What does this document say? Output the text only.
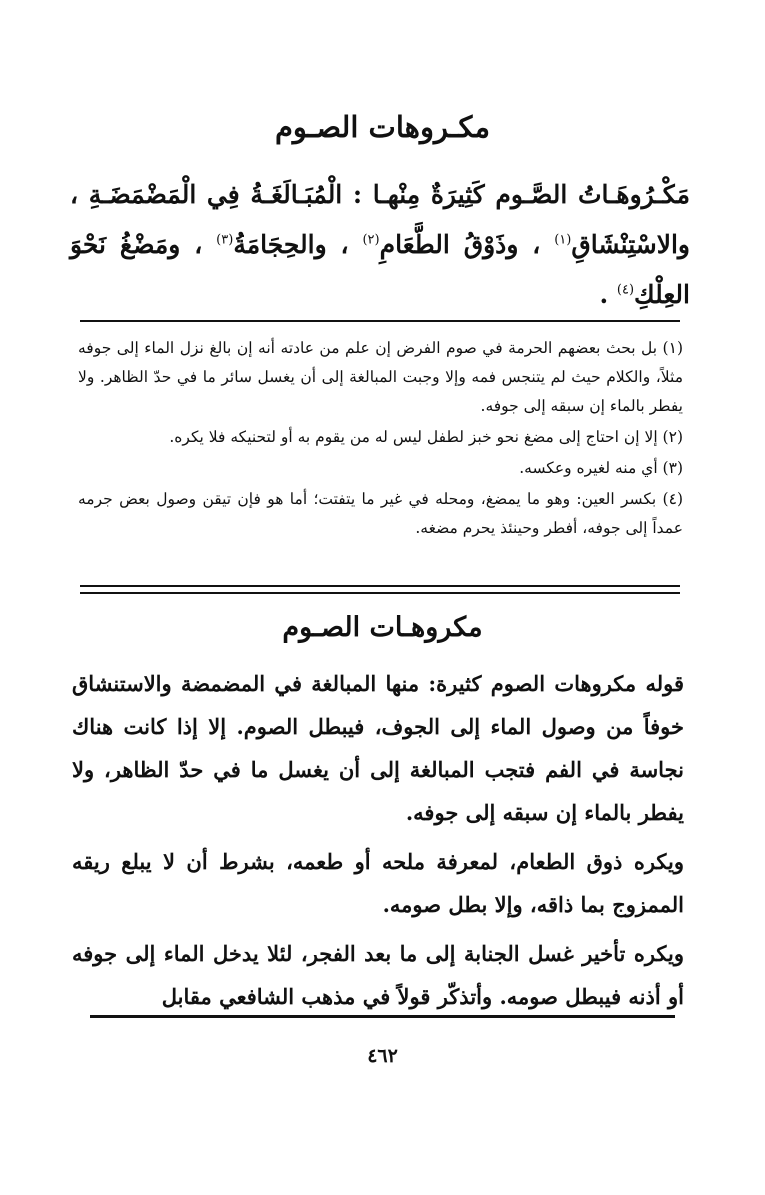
مكـروهات الصـوم
مَكْـرُوهَـاتُ الصَّـوم كَثِيرَةٌ مِنْهـا : الْمُبَـالَغَـةُ فِي الْمَضْمَضَـةِ ، والاسْتِنْشَاقِ$^{(١)}$ ، وذَوْقُ الطَّعَامِ$^{(٢)}$ ، والحِجَامَةُ$^{(٣)}$ ، ومَضْغُ نَحْوَ العِلْكِ$^{(٤)}$ .

(١) بل بحث بعضهم الحرمة في صوم الفرض إن علم من عادته أنه إن بالغ نزل الماء إلى جوفه مثلاً، والكلام حيث لم يتنجس فمه وإلا وجبت المبالغة إلى أن يغسل سائر ما في حدّ الظاهر. ولا يفطر بالماء إن سبقه إلى جوفه.

(٢) إلا إن احتاج إلى مضغ نحو خبز لطفل ليس له من يقوم به أو لتحنيكه فلا يكره.

(٣) أي منه لغيره وعكسه.

(٤) بكسر العين: وهو ما يمضغ، ومحله في غير ما يتفتت؛ أما هو فإن تيقن وصول بعض جرمه عمداً إلى جوفه، أفطر وحينئذ يحرم مضغه.

مكروهـات الصـوم

قوله مكروهات الصوم كثيرة: منها المبالغة في المضمضة والاستنشاق خوفاً من وصول الماء إلى الجوف، فيبطل الصوم. إلا إذا كانت هناك نجاسة في الفم فتجب المبالغة إلى أن يغسل ما في حدّ الظاهر، ولا يفطر بالماء إن سبقه إلى جوفه.

ويكره ذوق الطعام، لمعرفة ملحه أو طعمه، بشرط أن لا يبلع ريقه الممزوج بما ذاقه، وإلا بطل صومه.

ويكره تأخير غسل الجنابة إلى ما بعد الفجر، لئلا يدخل الماء إلى جوفه أو أذنه فيبطل صومه. وأتذكّر قولاً في مذهب الشافعي مقابل

٤٦٢
